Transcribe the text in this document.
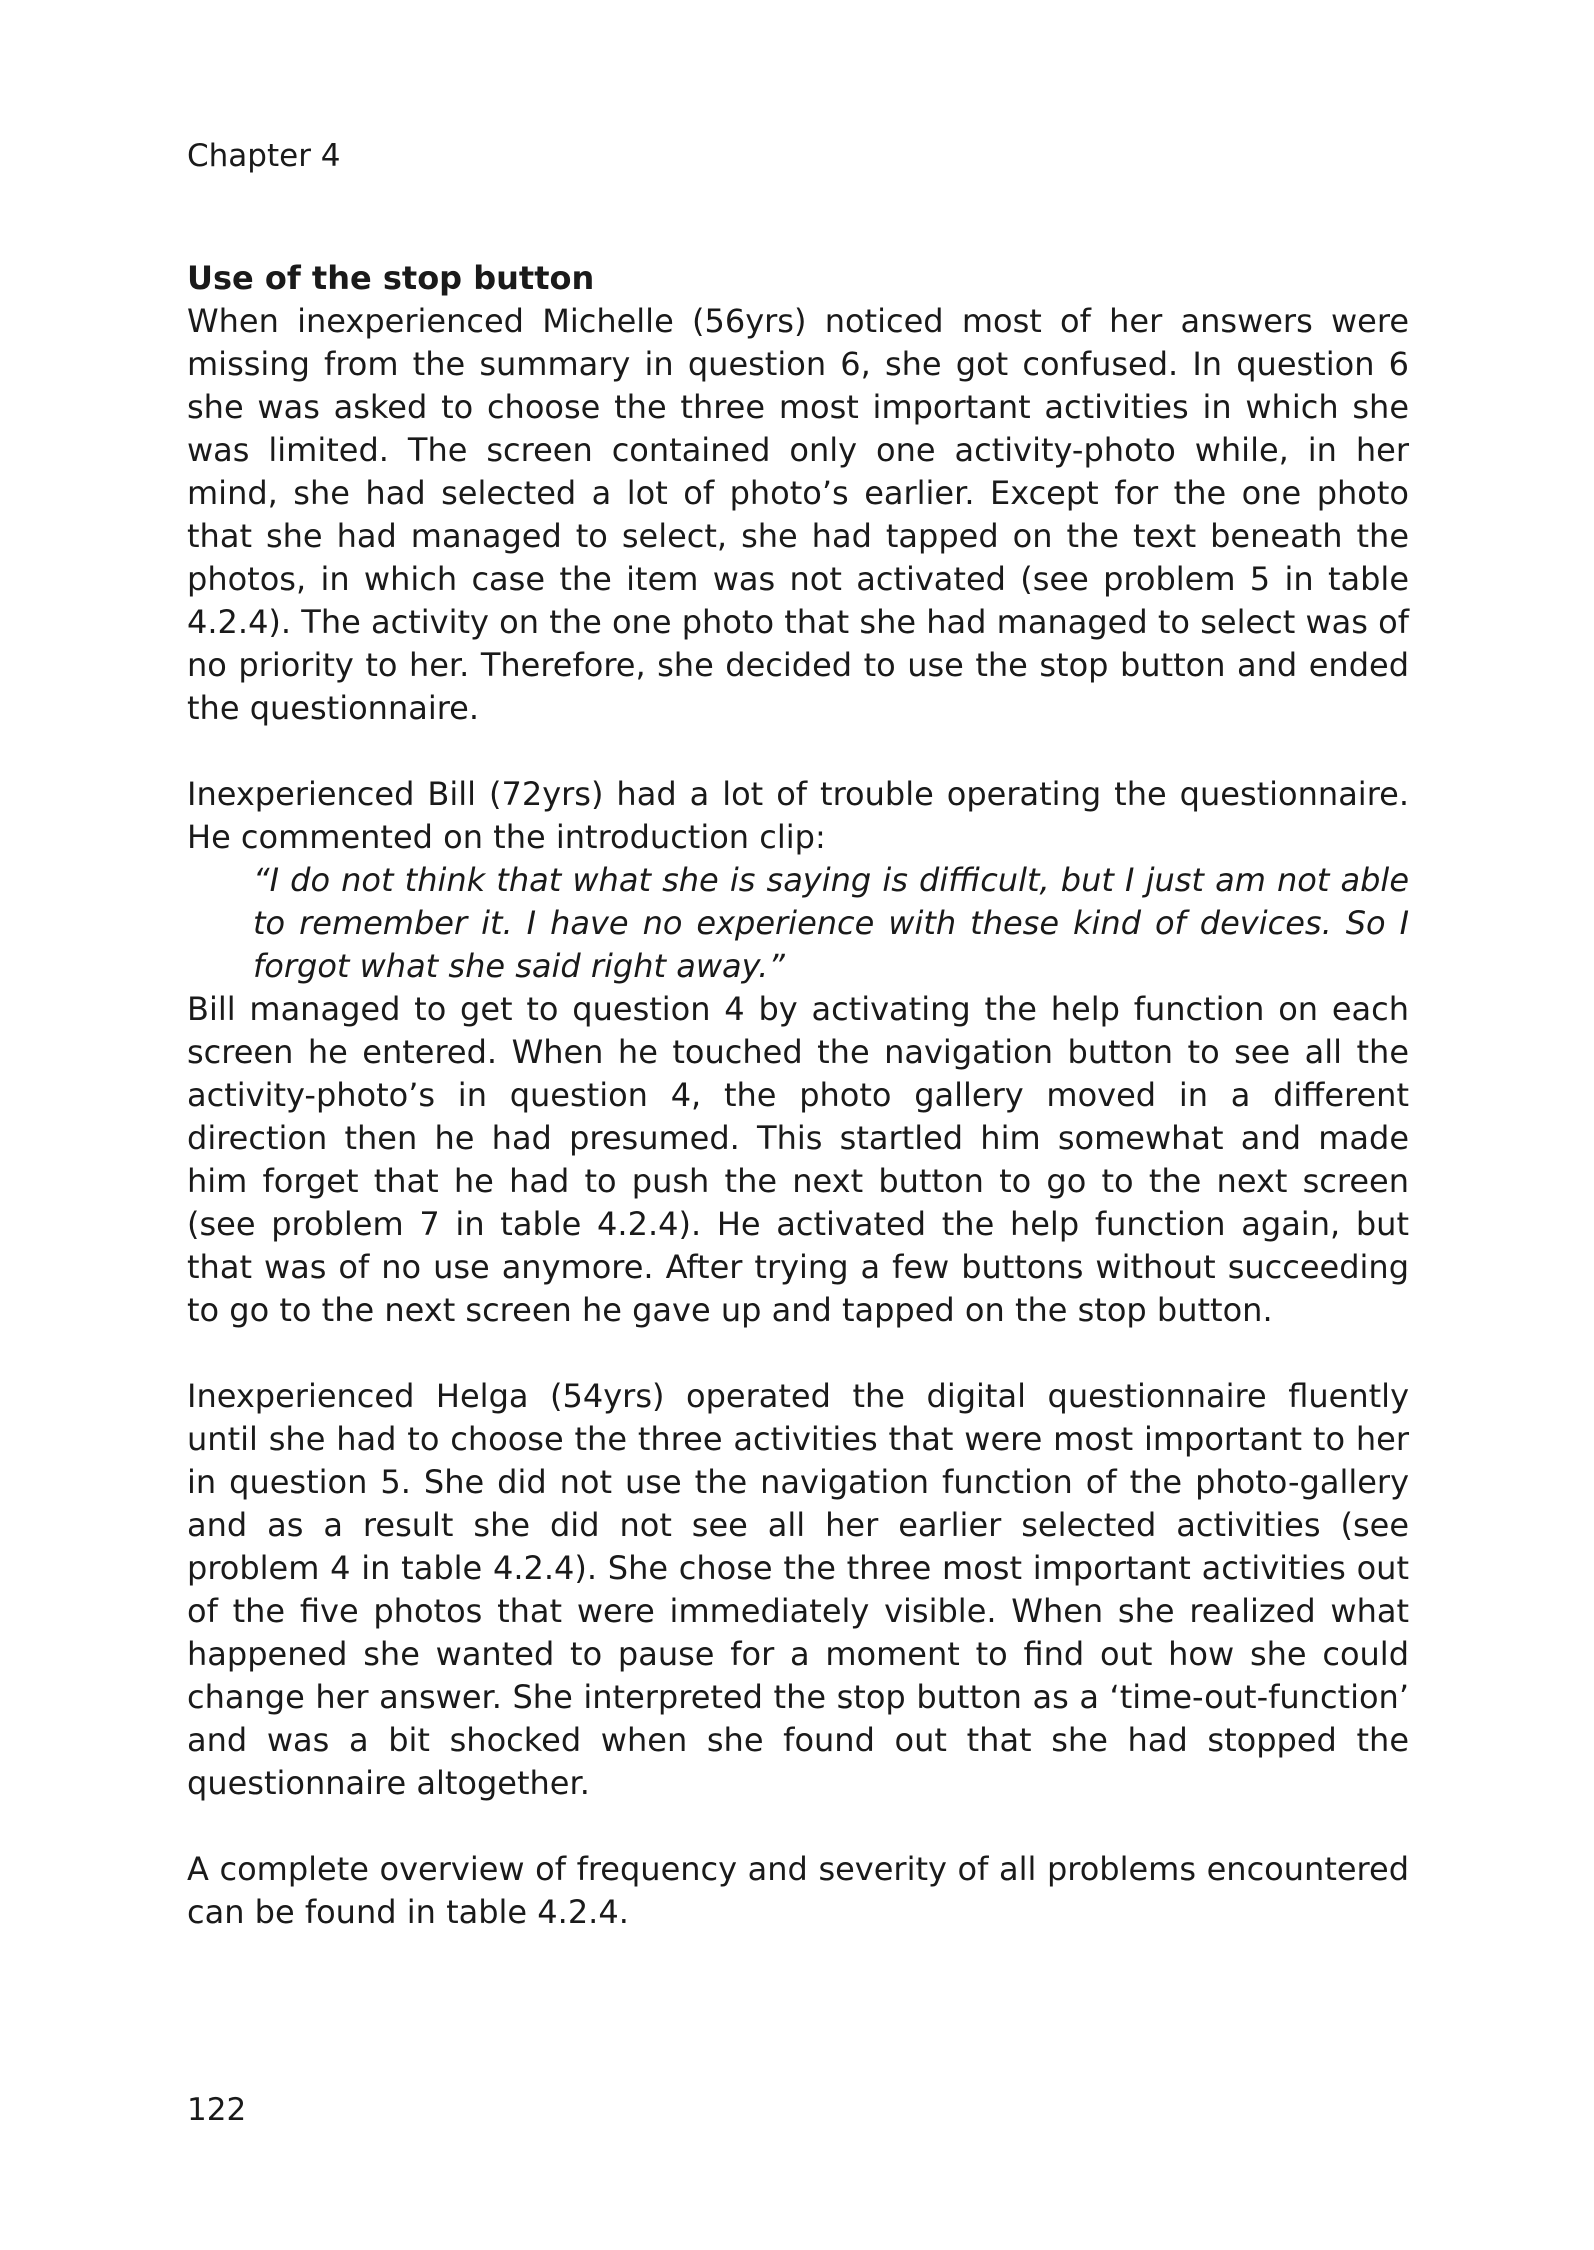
Chapter 4

Use of the stop button

When inexperienced Michelle (56yrs) noticed most of her answers were missing from the summary in question 6, she got confused. In question 6 she was asked to choose the three most important activities in which she was limited. The screen contained only one activity-photo while, in her mind, she had selected a lot of photo’s earlier. Except for the one photo that she had managed to select, she had tapped on the text beneath the photos, in which case the item was not activated (see problem 5 in table 4.2.4). The activity on the one photo that she had managed to select was of no priority to her. Therefore, she decided to use the stop button and ended the questionnaire.

Inexperienced Bill (72yrs) had a lot of trouble operating the questionnaire. He commented on the introduction clip:

“I do not think that what she is saying is difficult, but I just am not able to remember it. I have no experience with these kind of devices. So I forgot what she said right away.”

Bill managed to get to question 4 by activating the help function on each screen he entered. When he touched the navigation button to see all the activity-photo’s in question 4, the photo gallery moved in a different direction then he had presumed. This startled him somewhat and made him forget that he had to push the next button to go to the next screen (see problem 7 in table 4.2.4). He activated the help function again, but that was of no use anymore. After trying a few buttons without succeeding to go to the next screen he gave up and tapped on the stop button.

Inexperienced Helga (54yrs) operated the digital questionnaire fluently until she had to choose the three activities that were most important to her in question 5. She did not use the navigation function of the photo-gallery and as a result she did not see all her earlier selected activities (see problem 4 in table 4.2.4). She chose the three most important activities out of the five photos that were immediately visible. When she realized what happened she wanted to pause for a moment to find out how she could change her answer. She interpreted the stop button as a ‘time-out-function’ and was a bit shocked when she found out that she had stopped the questionnaire altogether.

A complete overview of frequency and severity of all problems encountered can be found in table 4.2.4.

122
